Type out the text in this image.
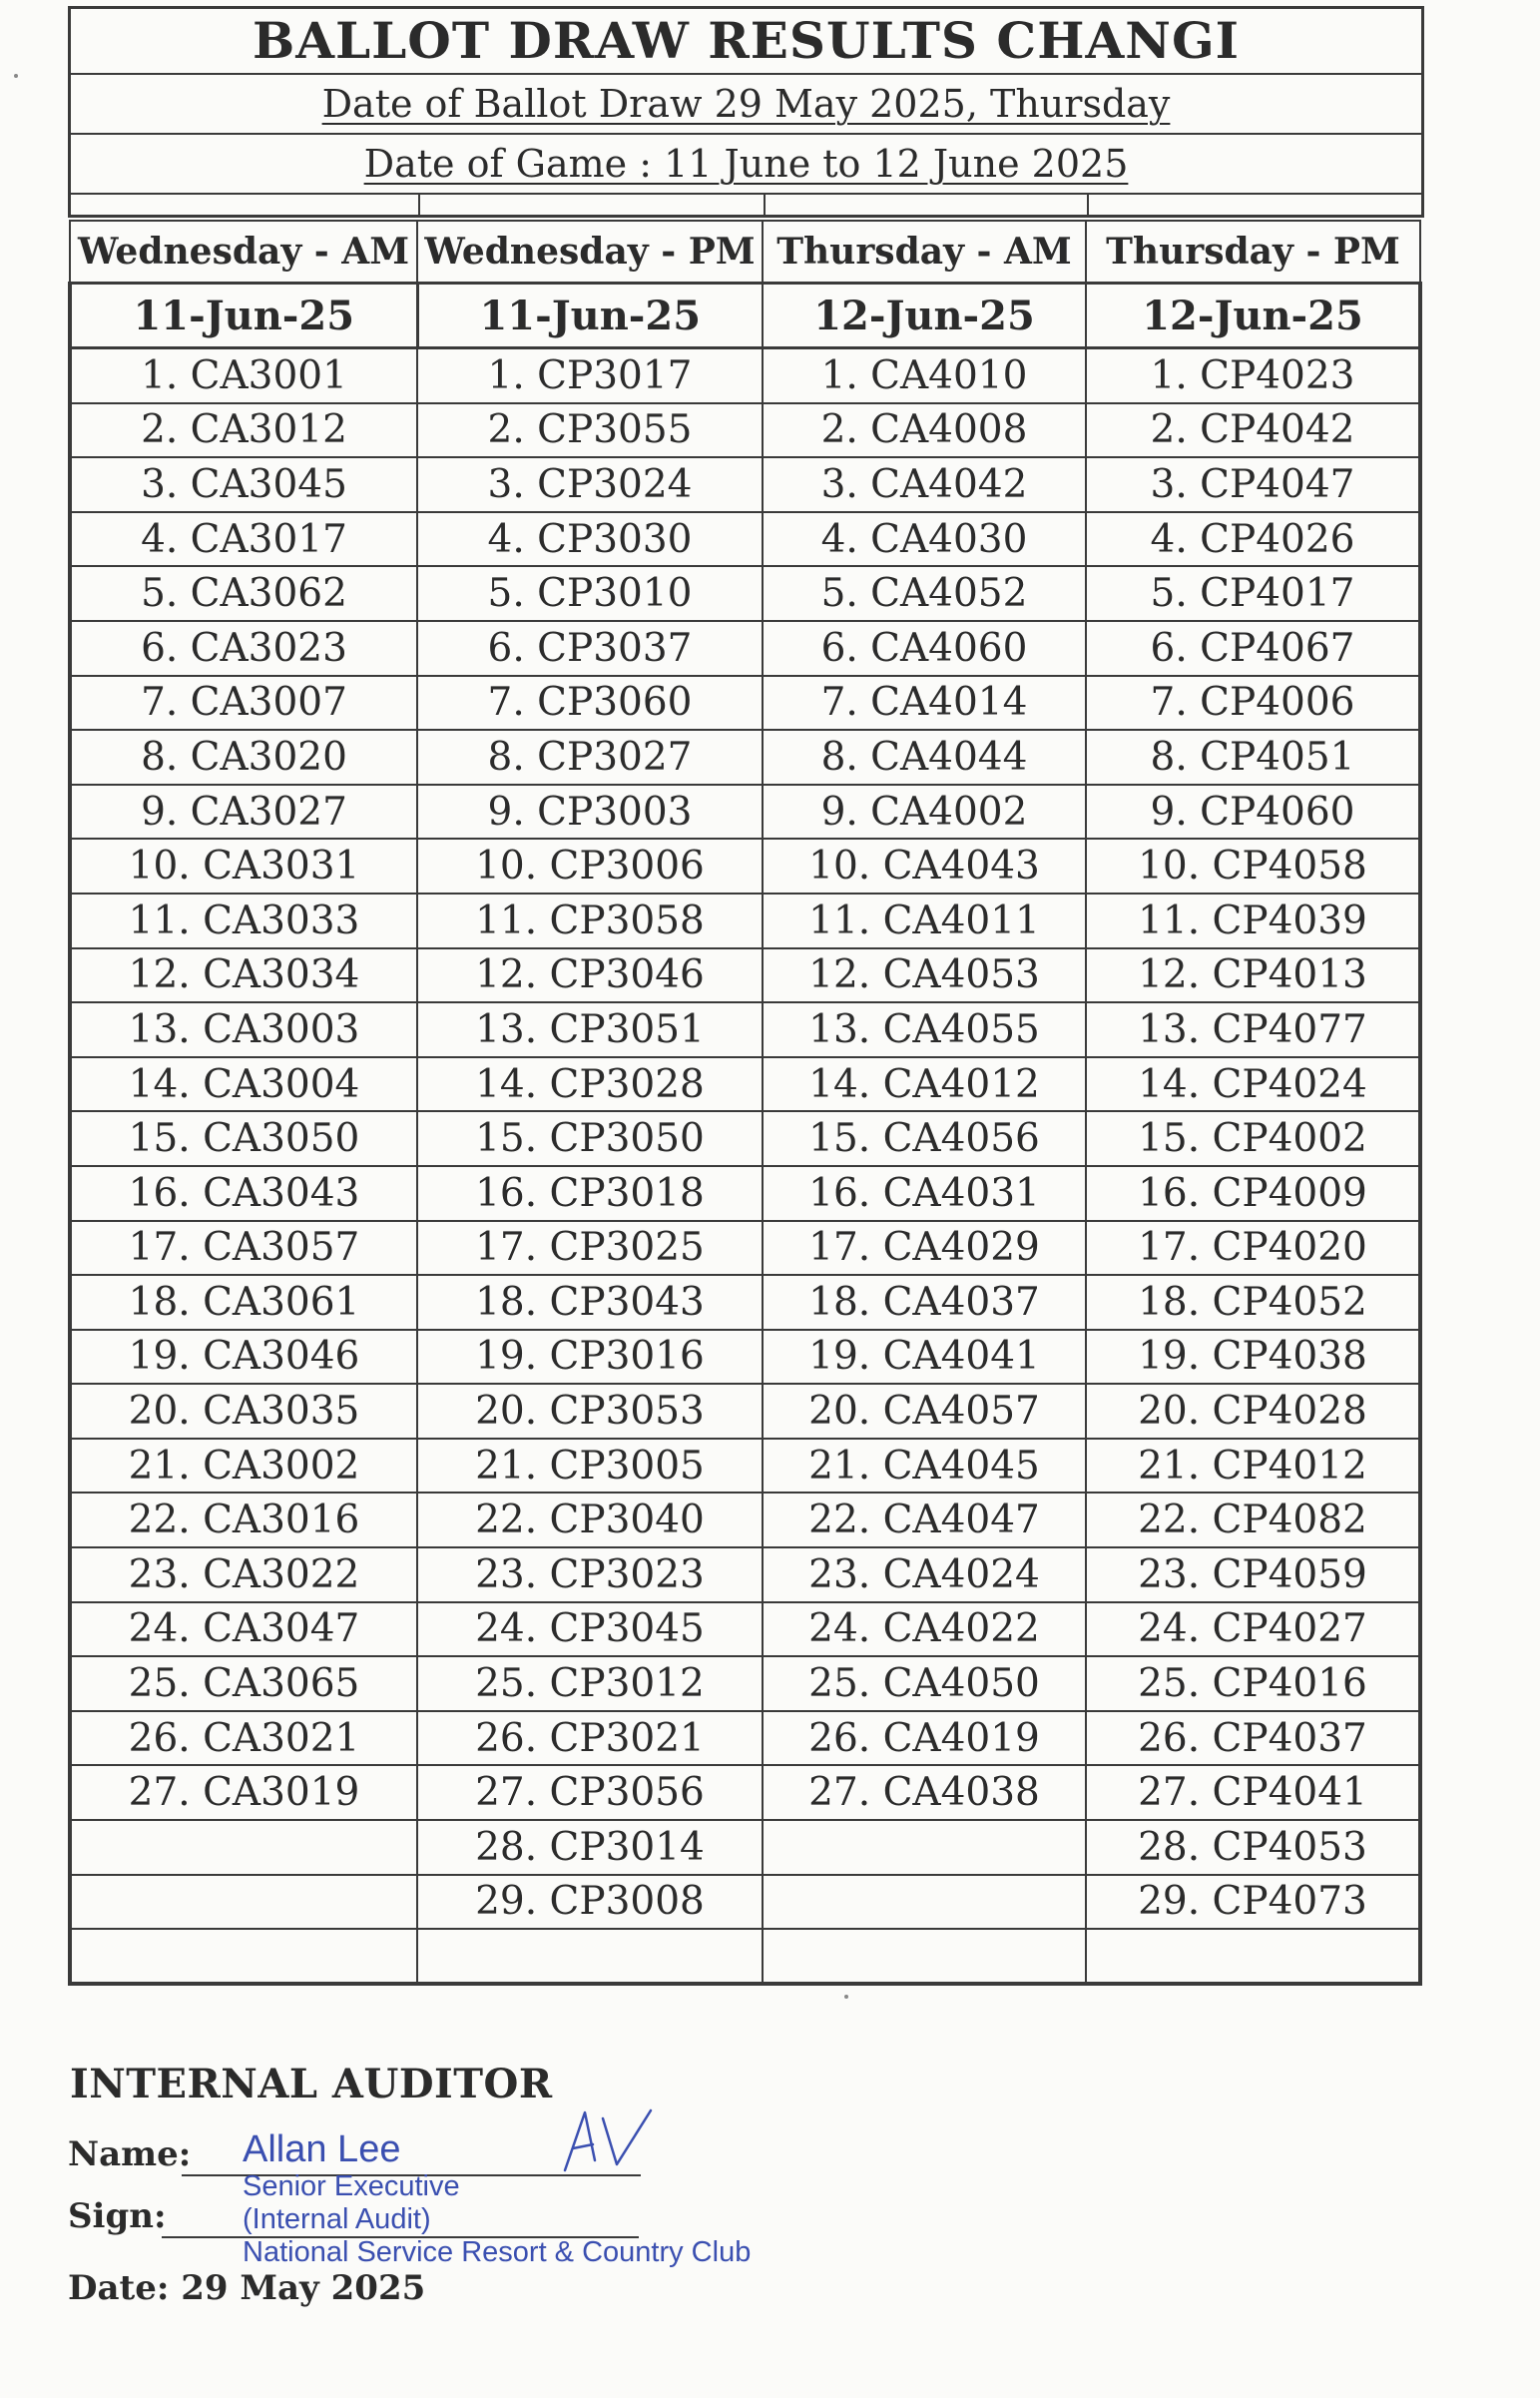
BALLOT DRAW RESULTS CHANGI
Date of Ballot Draw 29 May 2025, Thursday
Date of Game : 11 June to 12 June 2025
Wednesday - AM	Wednesday - PM	Thursday - AM	Thursday - PM
11-Jun-25	11-Jun-25	12-Jun-25	12-Jun-25
1. CA3001	1. CP3017	1. CA4010	1. CP4023
2. CA3012	2. CP3055	2. CA4008	2. CP4042
3. CA3045	3. CP3024	3. CA4042	3. CP4047
4. CA3017	4. CP3030	4. CA4030	4. CP4026
5. CA3062	5. CP3010	5. CA4052	5. CP4017
6. CA3023	6. CP3037	6. CA4060	6. CP4067
7. CA3007	7. CP3060	7. CA4014	7. CP4006
8. CA3020	8. CP3027	8. CA4044	8. CP4051
9. CA3027	9. CP3003	9. CA4002	9. CP4060
10. CA3031	10. CP3006	10. CA4043	10. CP4058
11. CA3033	11. CP3058	11. CA4011	11. CP4039
12. CA3034	12. CP3046	12. CA4053	12. CP4013
13. CA3003	13. CP3051	13. CA4055	13. CP4077
14. CA3004	14. CP3028	14. CA4012	14. CP4024
15. CA3050	15. CP3050	15. CA4056	15. CP4002
16. CA3043	16. CP3018	16. CA4031	16. CP4009
17. CA3057	17. CP3025	17. CA4029	17. CP4020
18. CA3061	18. CP3043	18. CA4037	18. CP4052
19. CA3046	19. CP3016	19. CA4041	19. CP4038
20. CA3035	20. CP3053	20. CA4057	20. CP4028
21. CA3002	21. CP3005	21. CA4045	21. CP4012
22. CA3016	22. CP3040	22. CA4047	22. CP4082
23. CA3022	23. CP3023	23. CA4024	23. CP4059
24. CA3047	24. CP3045	24. CA4022	24. CP4027
25. CA3065	25. CP3012	25. CA4050	25. CP4016
26. CA3021	26. CP3021	26. CA4019	26. CP4037
27. CA3019	27. CP3056	27. CA4038	27. CP4041
	28. CP3014		28. CP4053
	29. CP3008		29. CP4073

INTERNAL AUDITOR
Name:
Sign:
Date: 29 May 2025
Allan Lee
Senior Executive
(Internal Audit)
National Service Resort & Country Club
